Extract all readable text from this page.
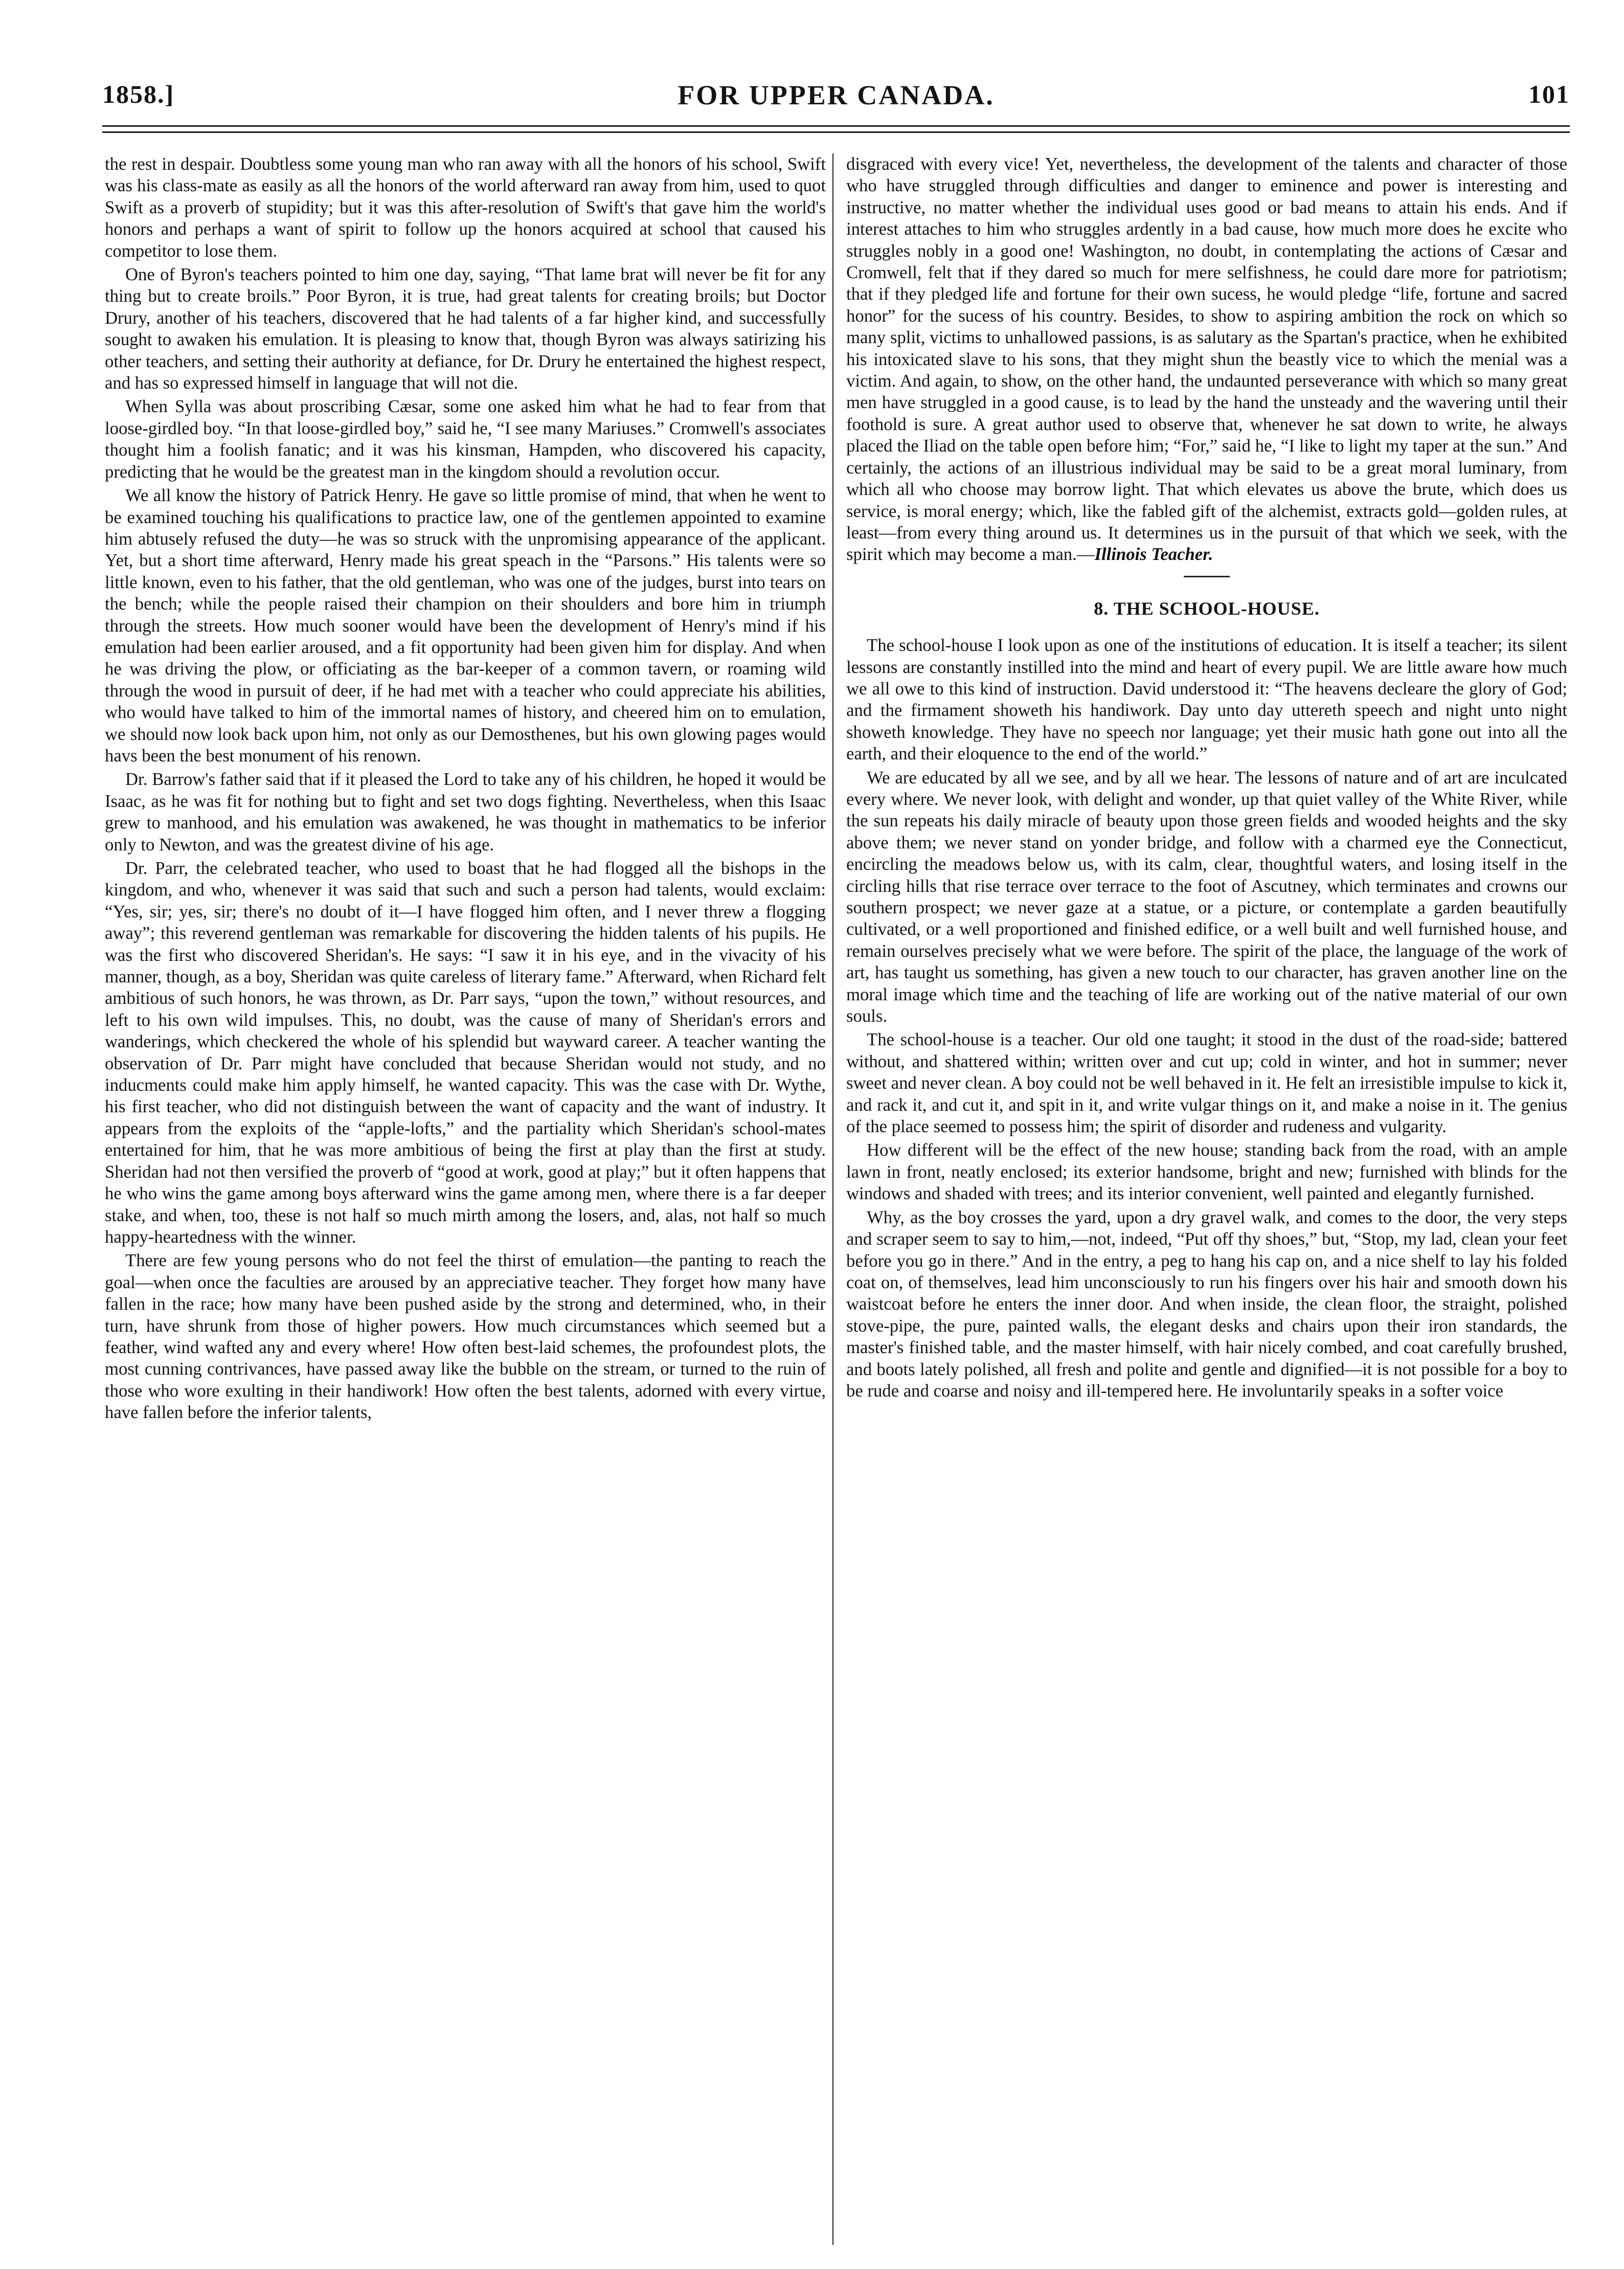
1858.]	FOR UPPER CANADA.	101

the rest in despair. Doubtless some young man who ran away with all the honors of his school, Swift was his class-mate as easily as all the honors of the world afterward ran away from him, used to quot Swift as a proverb of stupidity; but it was this after-resolution of Swift's that gave him the world's honors and perhaps a want of spirit to follow up the honors acquired at school that caused his competitor to lose them.

One of Byron's teachers pointed to him one day, saying, “That lame brat will never be fit for any thing but to create broils.” Poor Byron, it is true, had great talents for creating broils; but Doctor Drury, another of his teachers, discovered that he had talents of a far higher kind, and successfully sought to awaken his emulation. It is pleasing to know that, though Byron was always satirizing his other teachers, and setting their authority at defiance, for Dr. Drury he entertained the highest respect, and has so expressed himself in language that will not die.

When Sylla was about proscribing Cæsar, some one asked him what he had to fear from that loose-girdled boy. “In that loose-girdled boy,” said he, “I see many Mariuses.” Cromwell's associates thought him a foolish fanatic; and it was his kinsman, Hampden, who discovered his capacity, predicting that he would be the greatest man in the kingdom should a revolution occur.

We all know the history of Patrick Henry. He gave so little promise of mind, that when he went to be examined touching his qualifications to practice law, one of the gentlemen appointed to examine him abtusely refused the duty—he was so struck with the unpromising appearance of the applicant. Yet, but a short time afterward, Henry made his great speach in the “Parsons.” His talents were so little known, even to his father, that the old gentleman, who was one of the judges, burst into tears on the bench; while the people raised their champion on their shoulders and bore him in triumph through the streets. How much sooner would have been the development of Henry's mind if his emulation had been earlier aroused, and a fit opportunity had been given him for display. And when he was driving the plow, or officiating as the bar-keeper of a common tavern, or roaming wild through the wood in pursuit of deer, if he had met with a teacher who could appreciate his abilities, who would have talked to him of the immortal names of history, and cheered him on to emulation, we should now look back upon him, not only as our Demosthenes, but his own glowing pages would havs been the best monument of his renown.

Dr. Barrow's father said that if it pleased the Lord to take any of his children, he hoped it would be Isaac, as he was fit for nothing but to fight and set two dogs fighting. Nevertheless, when this Isaac grew to manhood, and his emulation was awakened, he was thought in mathematics to be inferior only to Newton, and was the greatest divine of his age.

Dr. Parr, the celebrated teacher, who used to boast that he had flogged all the bishops in the kingdom, and who, whenever it was said that such and such a person had talents, would exclaim: “Yes, sir; yes, sir; there's no doubt of it—I have flogged him often, and I never threw a flogging away”; this reverend gentleman was remarkable for discovering the hidden talents of his pupils. He was the first who discovered Sheridan's. He says: “I saw it in his eye, and in the vivacity of his manner, though, as a boy, Sheridan was quite careless of literary fame.” Afterward, when Richard felt ambitious of such honors, he was thrown, as Dr. Parr says, “upon the town,” without resources, and left to his own wild impulses. This, no doubt, was the cause of many of Sheridan's errors and wanderings, which checkered the whole of his splendid but wayward career. A teacher wanting the observation of Dr. Parr might have concluded that because Sheridan would not study, and no inducments could make him apply himself, he wanted capacity. This was the case with Dr. Wythe, his first teacher, who did not distinguish between the want of capacity and the want of industry. It appears from the exploits of the “apple-lofts,” and the partiality which Sheridan's school-mates entertained for him, that he was more ambitious of being the first at play than the first at study. Sheridan had not then versified the proverb of “good at work, good at play;” but it often happens that he who wins the game among boys afterward wins the game among men, where there is a far deeper stake, and when, too, these is not half so much mirth among the losers, and, alas, not half so much happy-heartedness with the winner.

There are few young persons who do not feel the thirst of emulation—the panting to reach the goal—when once the faculties are aroused by an appreciative teacher. They forget how many have fallen in the race; how many have been pushed aside by the strong and determined, who, in their turn, have shrunk from those of higher powers. How much circumstances which seemed but a feather, wind wafted any and every where! How often best-laid schemes, the profoundest plots, the most cunning contrivances, have passed away like the bubble on the stream, or turned to the ruin of those who wore exulting in their handiwork! How often the best talents, adorned with every virtue, have fallen before the inferior talents,

disgraced with every vice! Yet, nevertheless, the development of the talents and character of those who have struggled through difficulties and danger to eminence and power is interesting and instructive, no matter whether the individual uses good or bad means to attain his ends. And if interest attaches to him who struggles ardently in a bad cause, how much more does he excite who struggles nobly in a good one! Washington, no doubt, in contemplating the actions of Cæsar and Cromwell, felt that if they dared so much for mere selfishness, he could dare more for patriotism; that if they pledged life and fortune for their own sucess, he would pledge “life, fortune and sacred honor” for the sucess of his country. Besides, to show to aspiring ambition the rock on which so many split, victims to unhallowed passions, is as salutary as the Spartan's practice, when he exhibited his intoxicated slave to his sons, that they might shun the beastly vice to which the menial was a victim. And again, to show, on the other hand, the undaunted perseverance with which so many great men have struggled in a good cause, is to lead by the hand the unsteady and the wavering until their foothold is sure. A great author used to observe that, whenever he sat down to write, he always placed the Iliad on the table open before him; “For,” said he, “I like to light my taper at the sun.” And certainly, the actions of an illustrious individual may be said to be a great moral luminary, from which all who choose may borrow light. That which elevates us above the brute, which does us service, is moral energy; which, like the fabled gift of the alchemist, extracts gold—golden rules, at least—from every thing around us. It determines us in the pursuit of that which we seek, with the spirit which may become a man.—Illinois Teacher.

8. THE SCHOOL-HOUSE.

The school-house I look upon as one of the institutions of education. It is itself a teacher; its silent lessons are constantly instilled into the mind and heart of every pupil. We are little aware how much we all owe to this kind of instruction. David understood it: “The heavens decleare the glory of God; and the firmament showeth his handiwork. Day unto day uttereth speech and night unto night showeth knowledge. They have no speech nor language; yet their music hath gone out into all the earth, and their eloquence to the end of the world.”

We are educated by all we see, and by all we hear. The lessons of nature and of art are inculcated every where. We never look, with delight and wonder, up that quiet valley of the White River, while the sun repeats his daily miracle of beauty upon those green fields and wooded heights and the sky above them; we never stand on yonder bridge, and follow with a charmed eye the Connecticut, encircling the meadows below us, with its calm, clear, thoughtful waters, and losing itself in the circling hills that rise terrace over terrace to the foot of Ascutney, which terminates and crowns our southern prospect; we never gaze at a statue, or a picture, or contemplate a garden beautifully cultivated, or a well proportioned and finished edifice, or a well built and well furnished house, and remain ourselves precisely what we were before. The spirit of the place, the language of the work of art, has taught us something, has given a new touch to our character, has graven another line on the moral image which time and the teaching of life are working out of the native material of our own souls.

The school-house is a teacher. Our old one taught; it stood in the dust of the road-side; battered without, and shattered within; written over and cut up; cold in winter, and hot in summer; never sweet and never clean. A boy could not be well behaved in it. He felt an irresistible impulse to kick it, and rack it, and cut it, and spit in it, and write vulgar things on it, and make a noise in it. The genius of the place seemed to possess him; the spirit of disorder and rudeness and vulgarity.

How different will be the effect of the new house; standing back from the road, with an ample lawn in front, neatly enclosed; its exterior handsome, bright and new; furnished with blinds for the windows and shaded with trees; and its interior convenient, well painted and elegantly furnished.

Why, as the boy crosses the yard, upon a dry gravel walk, and comes to the door, the very steps and scraper seem to say to him,—not, indeed, “Put off thy shoes,” but, “Stop, my lad, clean your feet before you go in there.” And in the entry, a peg to hang his cap on, and a nice shelf to lay his folded coat on, of themselves, lead him unconsciously to run his fingers over his hair and smooth down his waistcoat before he enters the inner door. And when inside, the clean floor, the straight, polished stove-pipe, the pure, painted walls, the elegant desks and chairs upon their iron standards, the master's finished table, and the master himself, with hair nicely combed, and coat carefully brushed, and boots lately polished, all fresh and polite and gentle and dignified—it is not possible for a boy to be rude and coarse and noisy and ill-tempered here. He involuntarily speaks in a softer voice
